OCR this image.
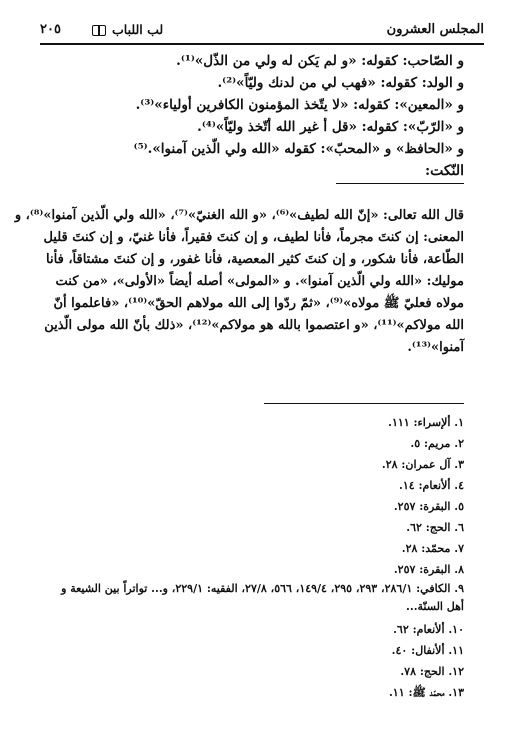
المجلس العشرون
لب اللباب
٢٠٥
و الصّاحب: كقوله: «و لم يَكن له ولي من الذّل»⁽¹⁾.
و الولد: كقوله: «فهب لي من لدنك وليّاً»⁽²⁾.
و «المعين»: كقوله: «لا يتّخذ المؤمنون الكافرين أولياء»⁽³⁾.
و «الرّبّ»: كقوله: «قل أ غير الله أتّخذ وليّاً»⁽⁴⁾.
و «الحافظ» و «المحبّ»: كقوله «الله ولي الّذين آمنوا».⁽⁵⁾
النّكت:
قال الله تعالى: «إنّ الله لطيف»⁽⁶⁾، «و الله الغنيّ»⁽⁷⁾، «الله ولي الّذين آمنوا»⁽⁸⁾، و
المعنى: إن كنتَ مجرماً، فأنا لطيف، و إن كنتَ فقيراً، فأنا غنيّ، و إن كنتَ قليل
الطّاعة، فأنا شكور، و إن كنتَ كثير المعصية، فأنا غفور، و إن كنتَ مشتاقاً، فأنا
موليك: «الله ولي الّذين آمنوا». و «المولى» أصله أيضاً «الأولى»، «من كنت
مولاه فعليّ ﷺ مولاه»⁽⁹⁾، «ثمّ ردّوا إلى الله مولاهم الحقّ»⁽¹⁰⁾، «فاعلموا أنّ
الله مولاكم»⁽¹¹⁾، «و اعتصموا بالله هو مولاكم»⁽¹²⁾، «ذلك بأنّ الله مولى الّذين
آمنوا»⁽¹³⁾.
١. ألإسراء: ١١١.
٢. مريم: ٥.
٣. آل عمران: ٢٨.
٤. ألأنعام: ١٤.
٥. البقرة: ٢٥٧.
٦. الحج: ٦٢.
٧. محمّد: ٢٨.
٨. البقرة: ٢٥٧.
٩. الكافي: ٢٨٦/١، ٢٩٣، ٢٩٥، ١٤٩/٤، ٥٦٦، ٢٧/٨، الفقيه: ٢٢٩/١، و... تواتراً بين الشيعة و أهل السنّة...
١٠. ألأنعام: ٦٢.
١١. ألأنفال: ٤٠.
١٢. الحج: ٧٨.
١٣. محمّد ﷺ: ١١.
